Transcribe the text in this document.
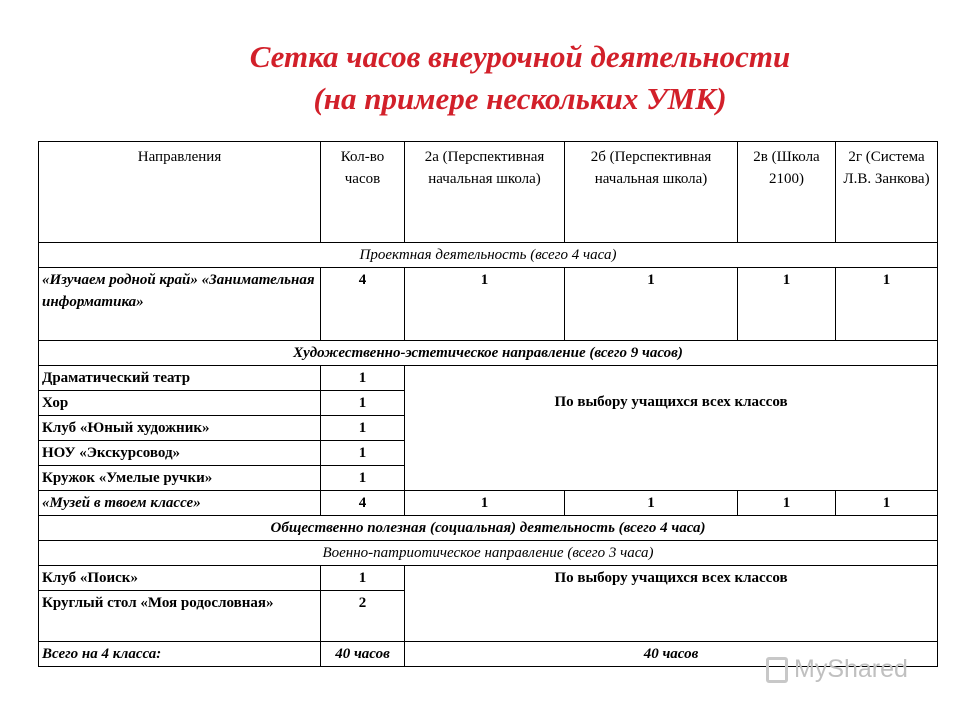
Сетка часов внеурочной деятельности
(на примере нескольких УМК)
Направления	Кол-во часов	2а (Перспективная начальная школа)	2б (Перспективная начальная школа)	2в (Школа 2100)	2г (Система Л.В. Занкова)
Проектная деятельность (всего 4 часа)					
«Изучаем родной край» «Занимательная информатика»	4	1	1	1	1
Художественно-эстетическое направление (всего 9 часов)					
Драматический театр	1	По выбору учащихся всех классов			

Хор	1				
Клуб «Юный художник»	1				
НОУ «Экскурсовод»	1				
Кружок «Умелые ручки»	1				
«Музей в твоем классе»	4	1	1	1	1
Общественно полезная (социальная) деятельность (всего 4 часа)					
Военно-патриотическое направление (всего 3 часа)					
Клуб «Поиск»	1	По выбору учащихся всех классов			

Круглый стол «Моя родословная»	2				
Всего на 4 класса:	40 часов	40 часов			
MyShared
